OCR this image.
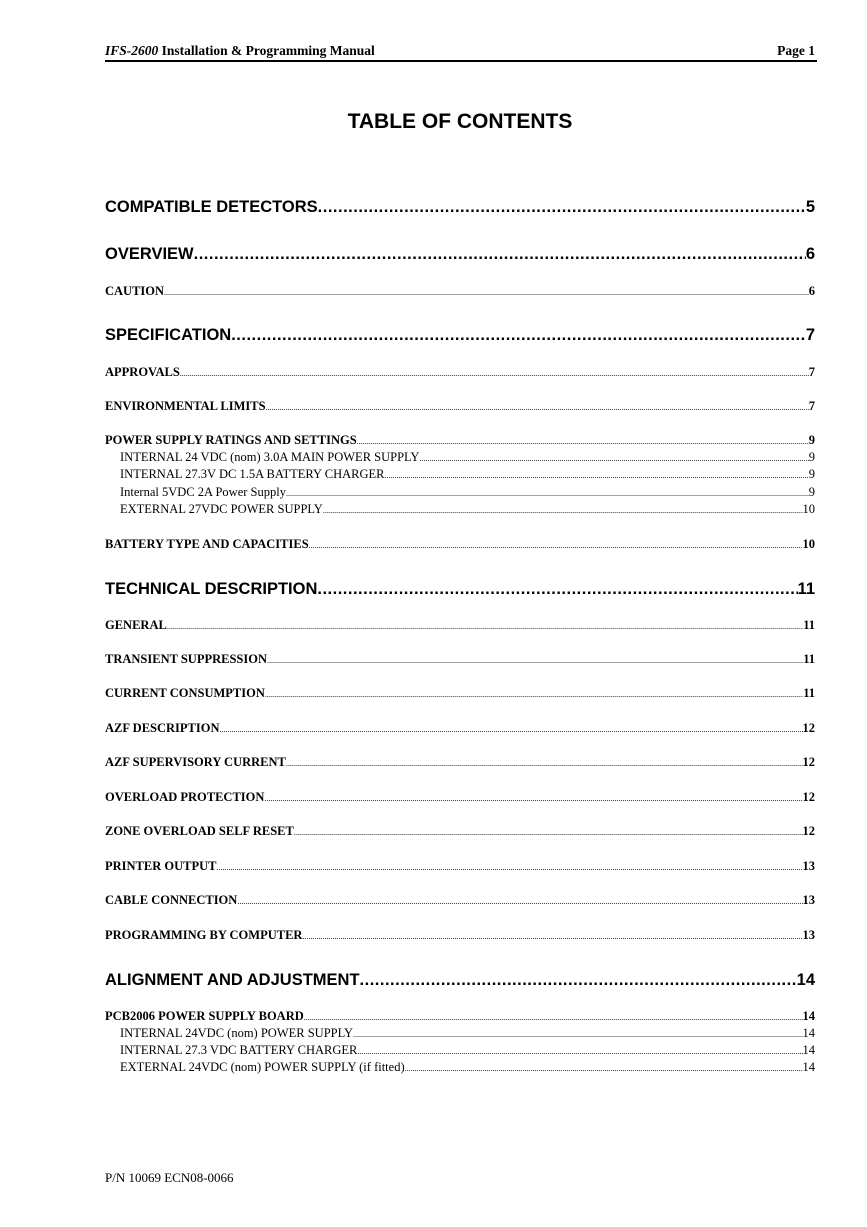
IFS-2600 Installation & Programming Manual	Page 1
TABLE OF CONTENTS
COMPATIBLE DETECTORS .....	5
OVERVIEW .....	6
CAUTION .....	6
SPECIFICATION .....	7
APPROVALS .....	7
ENVIRONMENTAL LIMITS .....	7
POWER SUPPLY RATINGS AND SETTINGS .....	9
INTERNAL 24 VDC (nom) 3.0A MAIN POWER SUPPLY .....	9
INTERNAL 27.3V DC 1.5A BATTERY CHARGER .....	9
Internal 5VDC 2A Power Supply .....	9
EXTERNAL 27VDC POWER SUPPLY .....	10
BATTERY TYPE AND CAPACITIES .....	10
TECHNICAL DESCRIPTION .....	11
GENERAL .....	11
TRANSIENT SUPPRESSION .....	11
CURRENT CONSUMPTION .....	11
AZF DESCRIPTION .....	12
AZF SUPERVISORY CURRENT .....	12
OVERLOAD PROTECTION .....	12
ZONE OVERLOAD SELF RESET .....	12
PRINTER OUTPUT .....	13
CABLE CONNECTION .....	13
PROGRAMMING BY COMPUTER .....	13
ALIGNMENT AND ADJUSTMENT .....	14
PCB2006 POWER SUPPLY BOARD .....	14
INTERNAL 24VDC (nom) POWER SUPPLY .....	14
INTERNAL 27.3 VDC BATTERY CHARGER .....	14
EXTERNAL 24VDC (nom) POWER SUPPLY (if fitted) .....	14
P/N 10069 ECN08-0066
